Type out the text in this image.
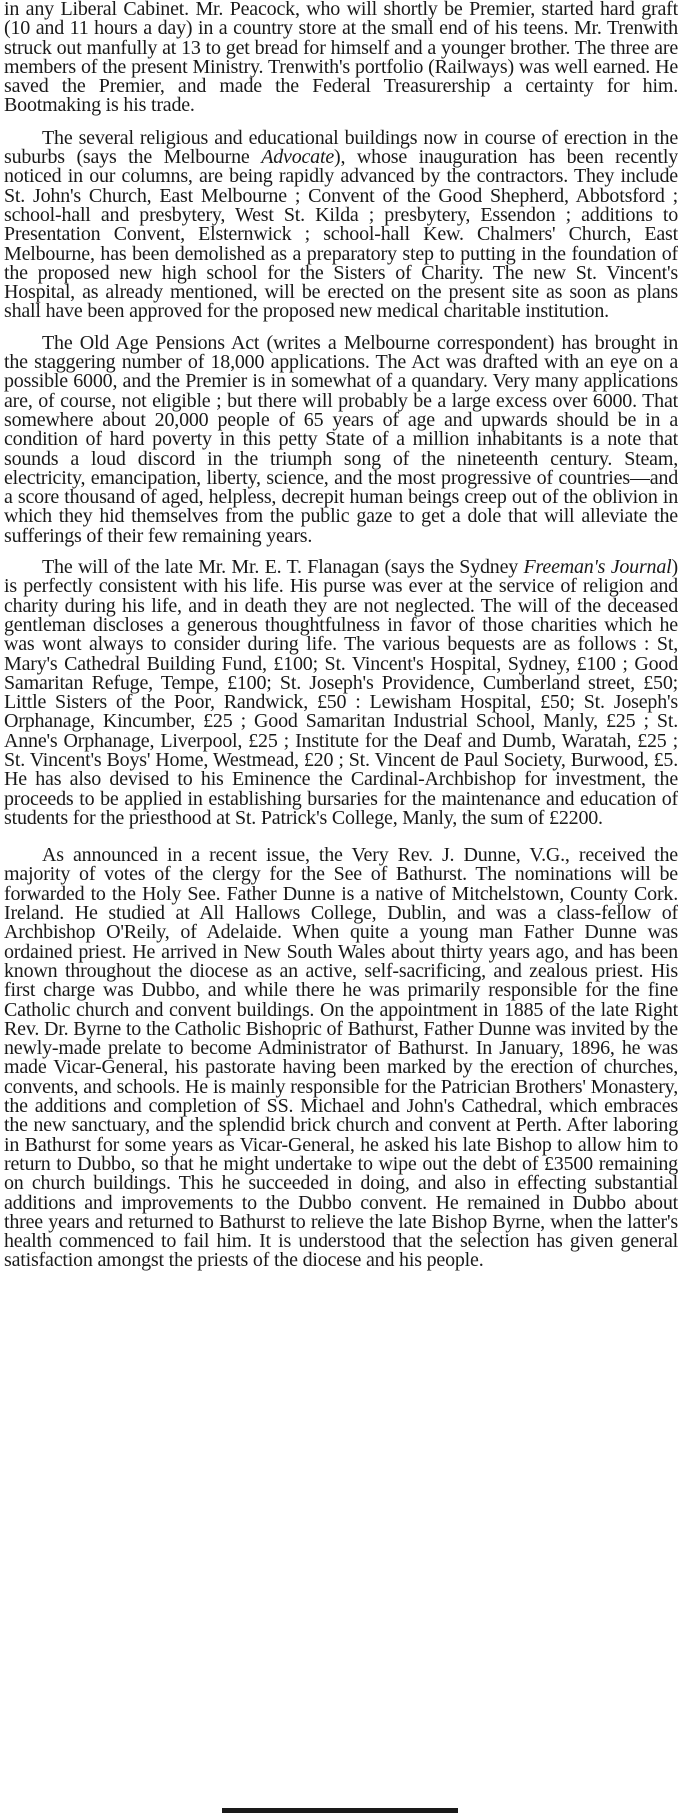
in any Liberal Cabinet. Mr. Peacock, who will shortly be Premier, started hard graft (10 and 11 hours a day) in a country store at the small end of his teens. Mr. Trenwith struck out manfully at 13 to get bread for himself and a younger brother. The three are members of the present Ministry. Trenwith's portfolio (Railways) was well earned. He saved the Premier, and made the Federal Treasurership a certainty for him. Bootmaking is his trade.

The several religious and educational buildings now in course of erection in the suburbs (says the Melbourne Advocate), whose inauguration has been recently noticed in our columns, are being rapidly advanced by the contractors. They include St. John's Church, East Melbourne ; Convent of the Good Shepherd, Abbotsford ; school-hall and presbytery, West St. Kilda ; presbytery, Essendon ; additions to Presentation Convent, Elsternwick ; school-hall Kew. Chalmers' Church, East Melbourne, has been demolished as a preparatory step to putting in the foundation of the proposed new high school for the Sisters of Charity. The new St. Vincent's Hospital, as already mentioned, will be erected on the present site as soon as plans shall have been approved for the proposed new medical charitable institution.

The Old Age Pensions Act (writes a Melbourne correspondent) has brought in the staggering number of 18,000 applications. The Act was drafted with an eye on a possible 6000, and the Premier is in somewhat of a quandary. Very many applications are, of course, not eligible ; but there will probably be a large excess over 6000. That somewhere about 20,000 people of 65 years of age and upwards should be in a condition of hard poverty in this petty State of a million inhabitants is a note that sounds a loud discord in the triumph song of the nineteenth century. Steam, electricity, emancipation, liberty, science, and the most progressive of countries—and a score thousand of aged, helpless, decrepit human beings creep out of the oblivion in which they hid themselves from the public gaze to get a dole that will alleviate the sufferings of their few remaining years.

The will of the late Mr. Mr. E. T. Flanagan (says the Sydney Freeman's Journal) is perfectly consistent with his life. His purse was ever at the service of religion and charity during his life, and in death they are not neglected. The will of the deceased gentleman discloses a generous thoughtfulness in favor of those charities which he was wont always to consider during life. The various bequests are as follows : St, Mary's Cathedral Building Fund, £100; St. Vincent's Hospital, Sydney, £100 ; Good Samaritan Refuge, Tempe, £100; St. Joseph's Providence, Cumberland street, £50; Little Sisters of the Poor, Randwick, £50 : Lewisham Hospital, £50; St. Joseph's Orphanage, Kincumber, £25 ; Good Samaritan Industrial School, Manly, £25 ; St. Anne's Orphanage, Liverpool, £25 ; Institute for the Deaf and Dumb, Waratah, £25 ; St. Vincent's Boys' Home, Westmead, £20 ; St. Vincent de Paul Society, Burwood, £5. He has also devised to his Eminence the Cardinal-Archbishop for investment, the proceeds to be applied in establishing bursaries for the maintenance and education of students for the priesthood at St. Patrick's College, Manly, the sum of £2200.

As announced in a recent issue, the Very Rev. J. Dunne, V.G., received the majority of votes of the clergy for the See of Bathurst. The nominations will be forwarded to the Holy See. Father Dunne is a native of Mitchelstown, County Cork. Ireland. He studied at All Hallows College, Dublin, and was a class-fellow of Archbishop O'Reily, of Adelaide. When quite a young man Father Dunne was ordained priest. He arrived in New South Wales about thirty years ago, and has been known throughout the diocese as an active, self-sacrificing, and zealous priest. His first charge was Dubbo, and while there he was primarily responsible for the fine Catholic church and convent buildings. On the appointment in 1885 of the late Right Rev. Dr. Byrne to the Catholic Bishopric of Bathurst, Father Dunne was invited by the newly-made prelate to become Administrator of Bathurst. In January, 1896, he was made Vicar-General, his pastorate having been marked by the erection of churches, convents, and schools. He is mainly responsible for the Patrician Brothers' Monastery, the additions and completion of SS. Michael and John's Cathedral, which embraces the new sanctuary, and the splendid brick church and convent at Perth. After laboring in Bathurst for some years as Vicar-General, he asked his late Bishop to allow him to return to Dubbo, so that he might undertake to wipe out the debt of £3500 remaining on church buildings. This he succeeded in doing, and also in effecting substantial additions and improvements to the Dubbo convent. He remained in Dubbo about three years and returned to Bathurst to relieve the late Bishop Byrne, when the latter's health commenced to fail him. It is understood that the selection has given general satisfaction amongst the priests of the diocese and his people.
